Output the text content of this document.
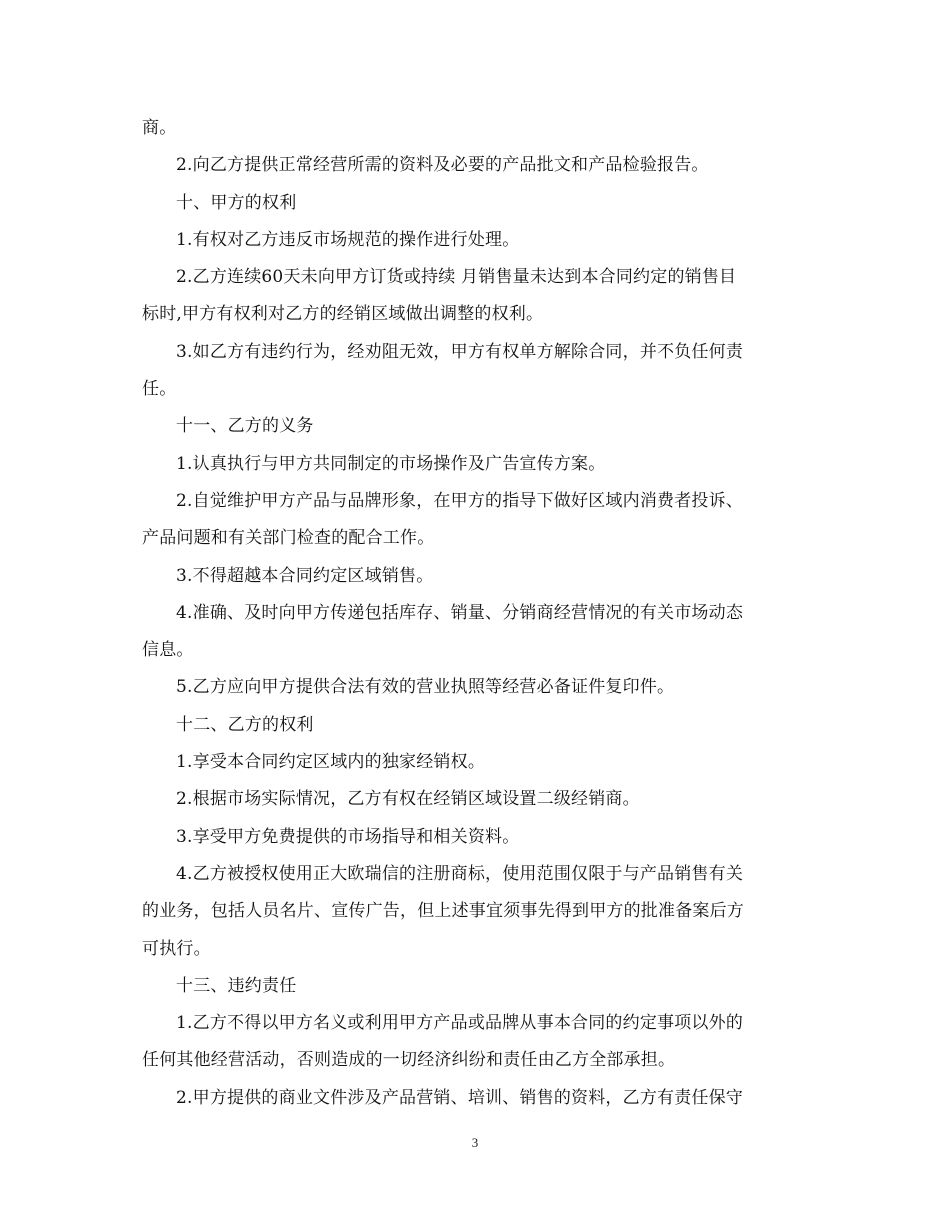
商。
2.向乙方提供正常经营所需的资料及必要的产品批文和产品检验报告。
十、甲方的权利
1.有权对乙方违反市场规范的操作进行处理。
2.乙方连续60天未向甲方订货或持续 月销售量未达到本合同约定的销售目
标时,甲方有权利对乙方的经销区域做出调整的权利。
3.如乙方有违约行为，经劝阻无效，甲方有权单方解除合同，并不负任何责
任。
十一、乙方的义务
1.认真执行与甲方共同制定的市场操作及广告宣传方案。
2.自觉维护甲方产品与品牌形象，在甲方的指导下做好区域内消费者投诉、
产品问题和有关部门检查的配合工作。
3.不得超越本合同约定区域销售。
4.准确、及时向甲方传递包括库存、销量、分销商经营情况的有关市场动态
信息。
5.乙方应向甲方提供合法有效的营业执照等经营必备证件复印件。
十二、乙方的权利
1.享受本合同约定区域内的独家经销权。
2.根据市场实际情况，乙方有权在经销区域设置二级经销商。
3.享受甲方免费提供的市场指导和相关资料。
4.乙方被授权使用正大欧瑞信的注册商标，使用范围仅限于与产品销售有关
的业务，包括人员名片、宣传广告，但上述事宜须事先得到甲方的批准备案后方
可执行。
十三、违约责任
1.乙方不得以甲方名义或利用甲方产品或品牌从事本合同的约定事项以外的
任何其他经营活动，否则造成的一切经济纠纷和责任由乙方全部承担。
2.甲方提供的商业文件涉及产品营销、培训、销售的资料，乙方有责任保守
3
